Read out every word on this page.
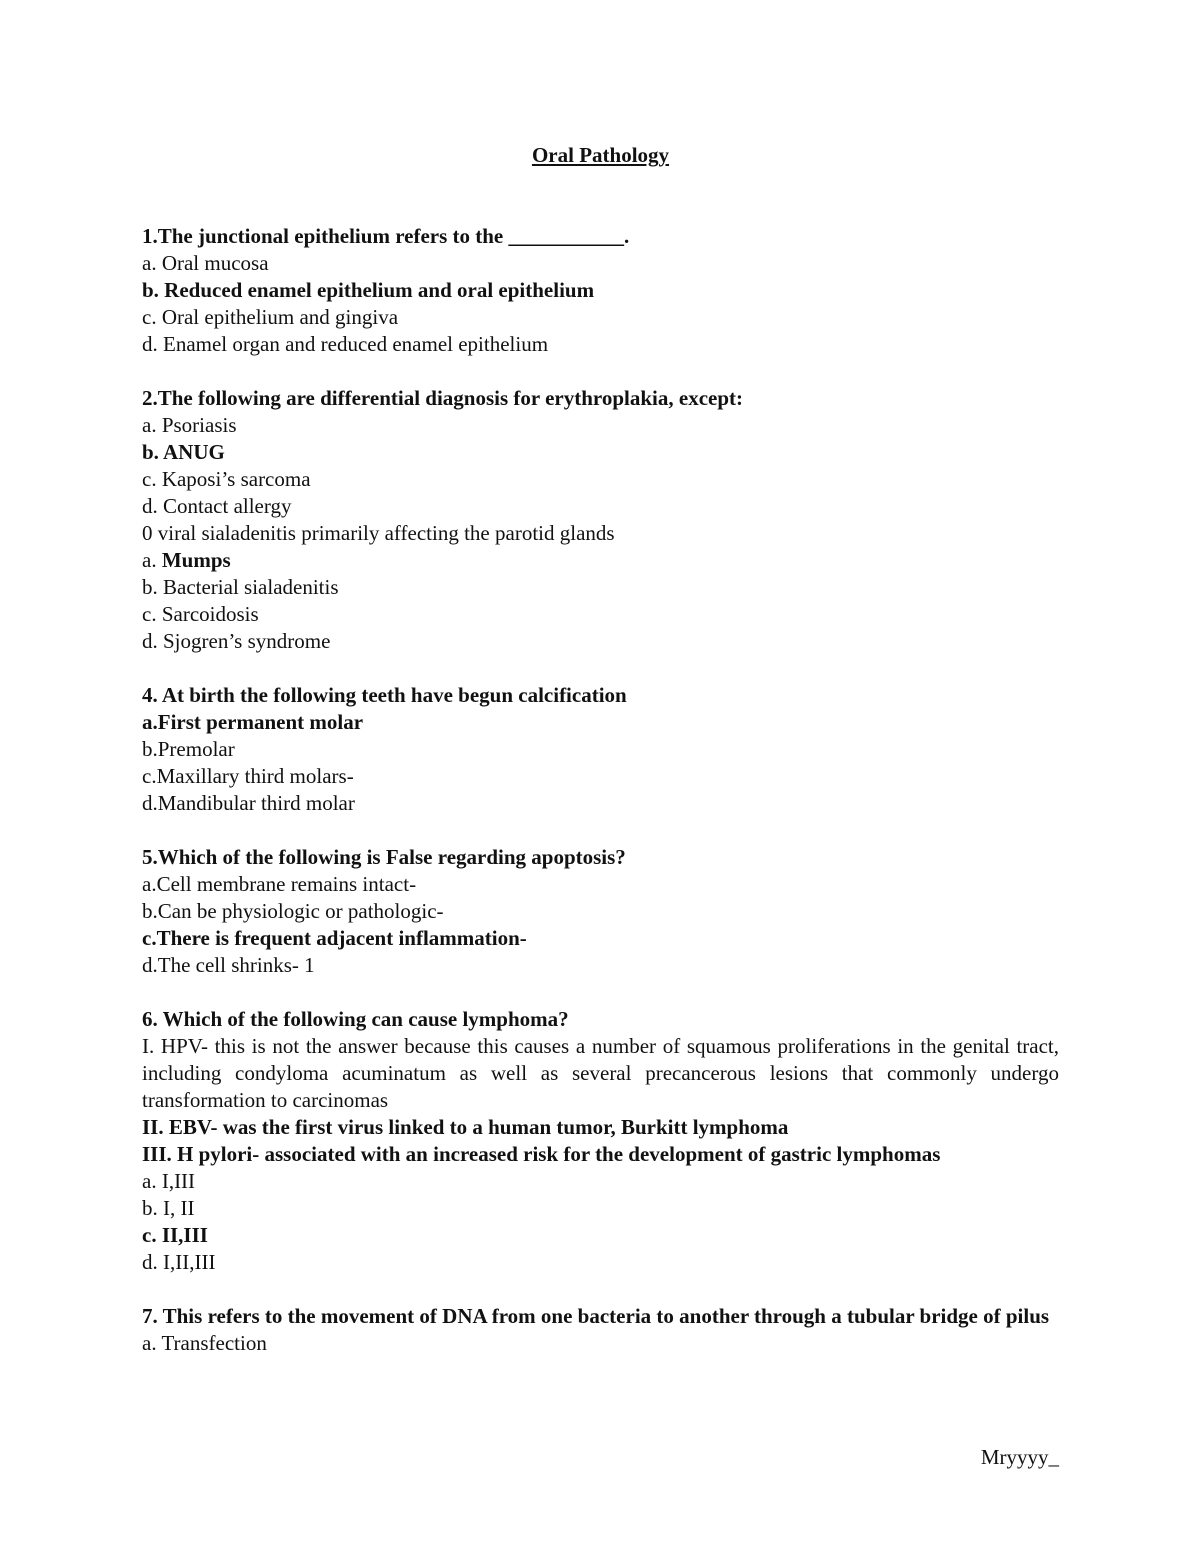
Oral Pathology
1.The junctional epithelium refers to the ___________.
a. Oral mucosa
b. Reduced enamel epithelium and oral epithelium
c. Oral epithelium and gingiva
d. Enamel organ and reduced enamel epithelium
2.The following are differential diagnosis for erythroplakia, except:
a. Psoriasis
b. ANUG
c. Kaposi’s sarcoma
d. Contact allergy
0 viral sialadenitis primarily affecting the parotid glands
a. Mumps
b. Bacterial sialadenitis
c. Sarcoidosis
d. Sjogren’s syndrome
4. At birth the following teeth have begun calcification
a.First permanent molar
b.Premolar
c.Maxillary third molars-
d.Mandibular third molar
5.Which of the following is False regarding apoptosis?
a.Cell membrane remains intact-
b.Can be physiologic or pathologic-
c.There is frequent adjacent inflammation-
d.The cell shrinks- 1
6. Which of the following can cause lymphoma?
I. HPV- this is not the answer because this causes a number of squamous proliferations in the genital tract, including condyloma acuminatum as well as several precancerous lesions that commonly undergo transformation to carcinomas
II. EBV- was the first virus linked to a human tumor, Burkitt lymphoma
III. H pylori- associated with an increased risk for the development of gastric lymphomas
a. I,III
b. I, II
c. II,III
d. I,II,III
7. This refers to the movement of DNA from one bacteria to another through a tubular bridge of pilus
a. Transfection
Mryyyy_
